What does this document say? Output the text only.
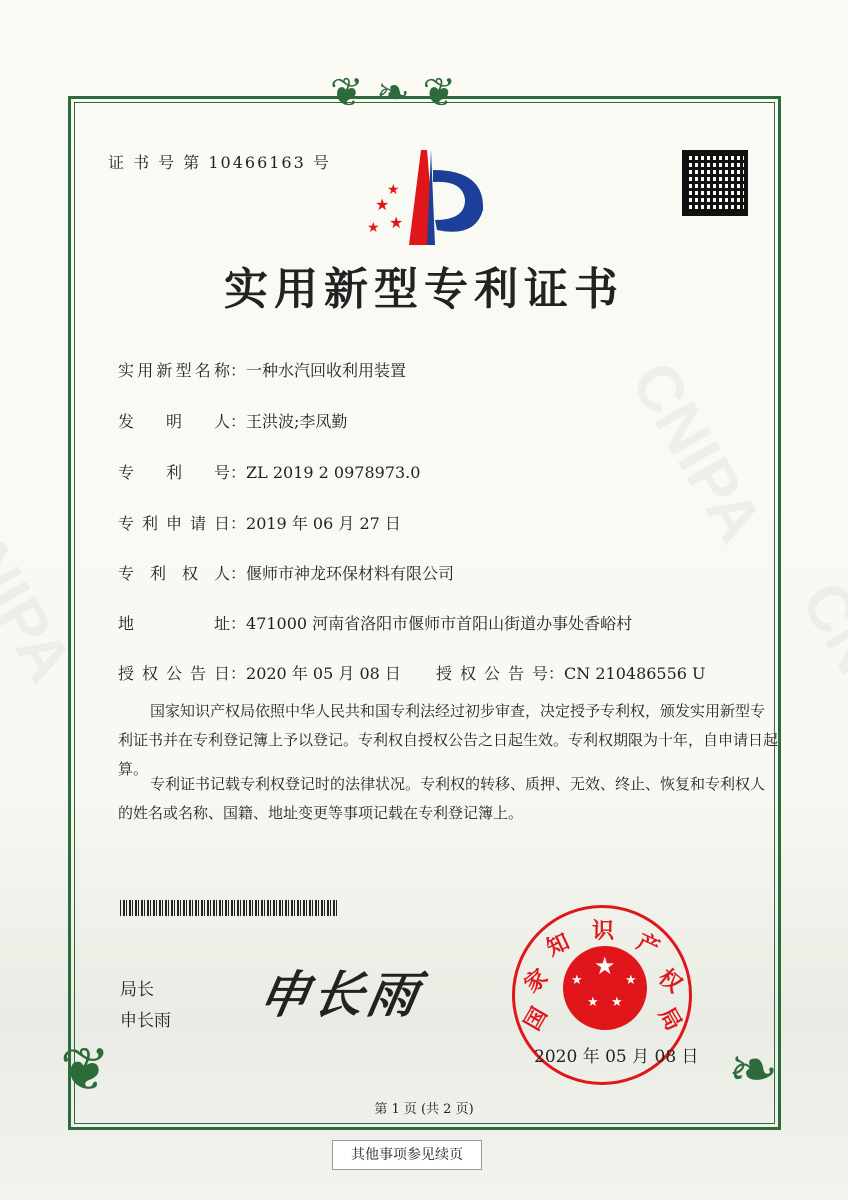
❦ ❧ ❦
❦	❧
证 书 号 第 10466163 号
★
★
★
★
实用新型专利证书
实用新型名称：一种水汽回收利用装置
发明人：王洪波;李凤勤
专利号：ZL 2019 2 0978973.0
专利申请日：2019 年 06 月 27 日
专利权人：偃师市神龙环保材料有限公司
地址：471000 河南省洛阳市偃师市首阳山街道办事处香峪村
授权公告日：2020 年 05 月 08 日 授权公告号：CN 210486556 U
国家知识产权局依照中华人民共和国专利法经过初步审查，决定授予专利权，颁发实用新型专利证书并在专利登记簿上予以登记。专利权自授权公告之日起生效。专利权期限为十年，自申请日起算。
专利证书记载专利权登记时的法律状况。专利权的转移、质押、无效、终止、恢复和专利权人的姓名或名称、国籍、地址变更等事项记载在专利登记簿上。
局长
申长雨 申长雨	★
★	★
★ ★
国
家
知 识 产
权
局
2020 年 05 月 08 日
第 1 页 (共 2 页)
其他事项参见续页
